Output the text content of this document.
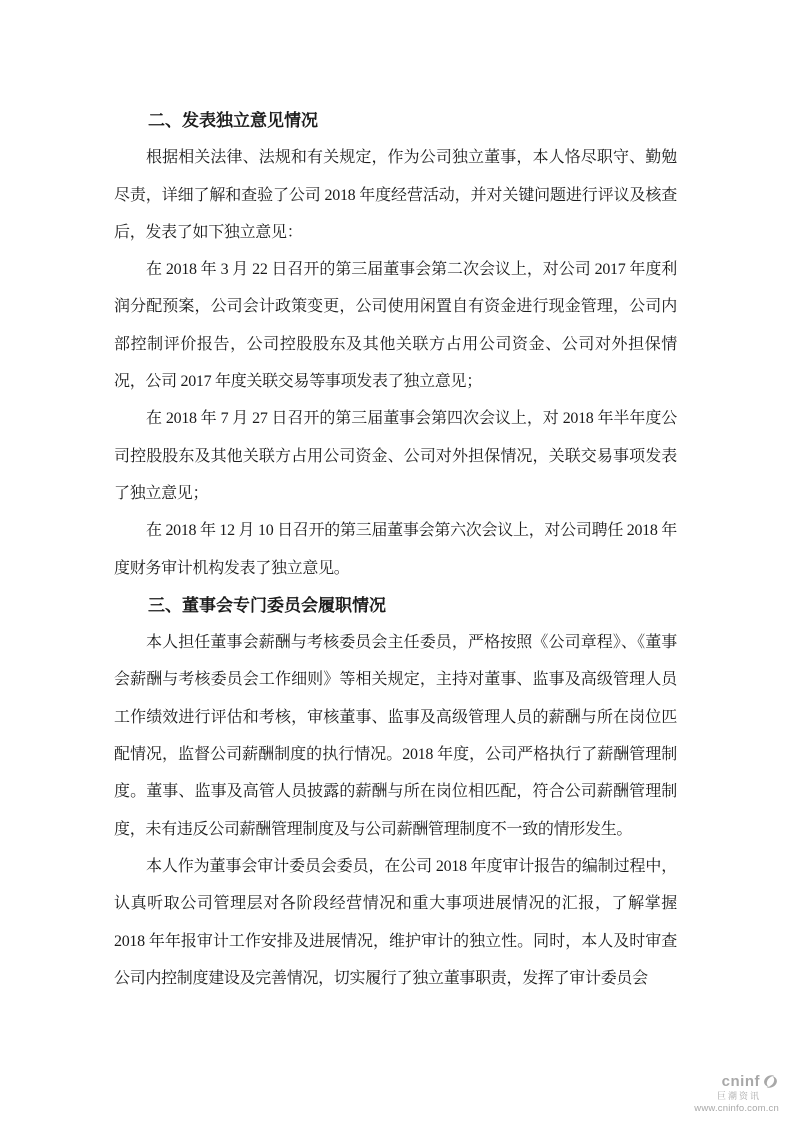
二、发表独立意见情况
根据相关法律、法规和有关规定，作为公司独立董事，本人恪尽职守、勤勉尽责，详细了解和查验了公司 2018 年度经营活动，并对关键问题进行评议及核查后，发表了如下独立意见：
在 2018 年 3 月 22 日召开的第三届董事会第二次会议上，对公司 2017 年度利润分配预案，公司会计政策变更，公司使用闲置自有资金进行现金管理，公司内部控制评价报告，公司控股股东及其他关联方占用公司资金、公司对外担保情况，公司 2017 年度关联交易等事项发表了独立意见；
在 2018 年 7 月 27 日召开的第三届董事会第四次会议上，对 2018 年半年度公司控股股东及其他关联方占用公司资金、公司对外担保情况，关联交易事项发表了独立意见；
在 2018 年 12 月 10 日召开的第三届董事会第六次会议上，对公司聘任 2018 年度财务审计机构发表了独立意见。
三、董事会专门委员会履职情况
本人担任董事会薪酬与考核委员会主任委员，严格按照《公司章程》、《董事会薪酬与考核委员会工作细则》等相关规定，主持对董事、监事及高级管理人员工作绩效进行评估和考核，审核董事、监事及高级管理人员的薪酬与所在岗位匹配情况，监督公司薪酬制度的执行情况。2018 年度，公司严格执行了薪酬管理制度。董事、监事及高管人员披露的薪酬与所在岗位相匹配，符合公司薪酬管理制度，未有违反公司薪酬管理制度及与公司薪酬管理制度不一致的情形发生。
本人作为董事会审计委员会委员，在公司 2018 年度审计报告的编制过程中，认真听取公司管理层对各阶段经营情况和重大事项进展情况的汇报，了解掌握 2018 年年报审计工作安排及进展情况，维护审计的独立性。同时，本人及时审查公司内控制度建设及完善情况，切实履行了独立董事职责，发挥了审计委员会
cninf
巨潮资讯
www.cninfo.com.cn
